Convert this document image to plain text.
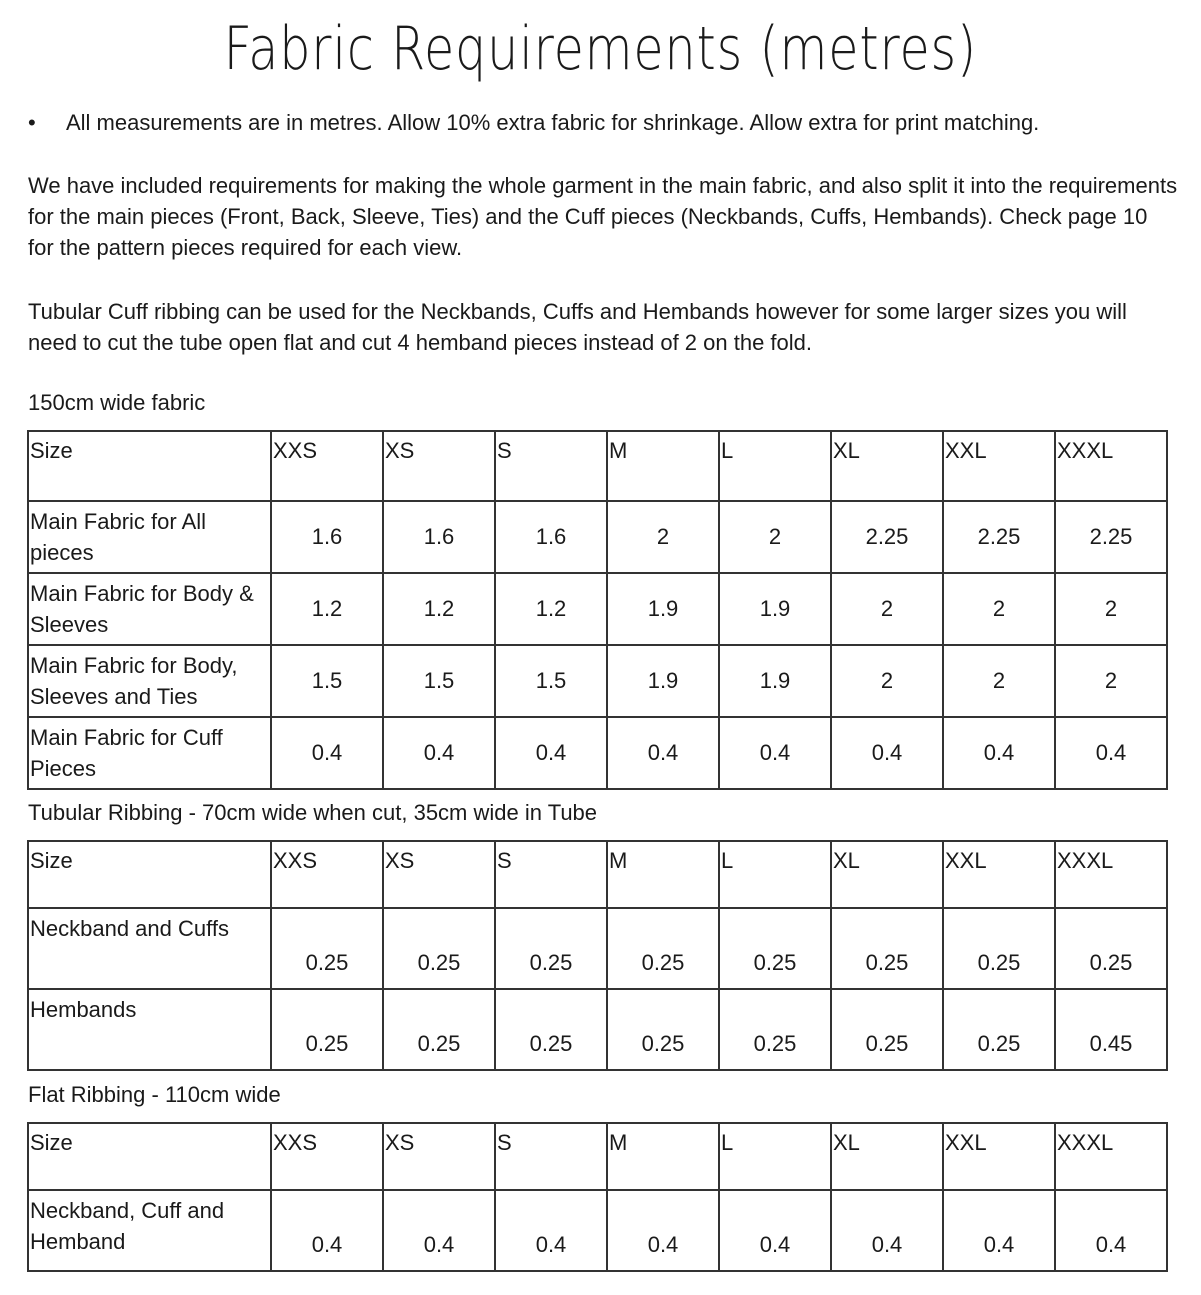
Fabric Requirements (metres)
• All measurements are in metres. Allow 10% extra fabric for shrinkage. Allow extra for print matching.
We have included requirements for making the whole garment in the main fabric, and also split it into the requirements for the main pieces (Front, Back, Sleeve, Ties) and the Cuff pieces (Neckbands, Cuffs, Hembands). Check page 10 for the pattern pieces required for each view.
Tubular Cuff ribbing can be used for the Neckbands, Cuffs and Hembands however for some larger sizes you will need to cut the tube open flat and cut 4 hemband pieces instead of 2 on the fold.
150cm wide fabric
Size	XXS	XS	S	M	L	XL	XXL	XXXL
Main Fabric for All pieces	1.6	1.6	1.6	2	2	2.25	2.25	2.25
Main Fabric for Body & Sleeves	1.2	1.2	1.2	1.9	1.9	2	2	2
Main Fabric for Body, Sleeves and Ties	1.5	1.5	1.5	1.9	1.9	2	2	2
Main Fabric for Cuff Pieces	0.4	0.4	0.4	0.4	0.4	0.4	0.4	0.4
Tubular Ribbing - 70cm wide when cut, 35cm wide in Tube
Size	XXS	XS	S	M	L	XL	XXL	XXXL
Neckband and Cuffs	0.25	0.25	0.25	0.25	0.25	0.25	0.25	0.25
Hembands	0.25	0.25	0.25	0.25	0.25	0.25	0.25	0.45
Flat Ribbing - 110cm wide
Size	XXS	XS	S	M	L	XL	XXL	XXXL
Neckband, Cuff and Hemband	0.4	0.4	0.4	0.4	0.4	0.4	0.4	0.4
